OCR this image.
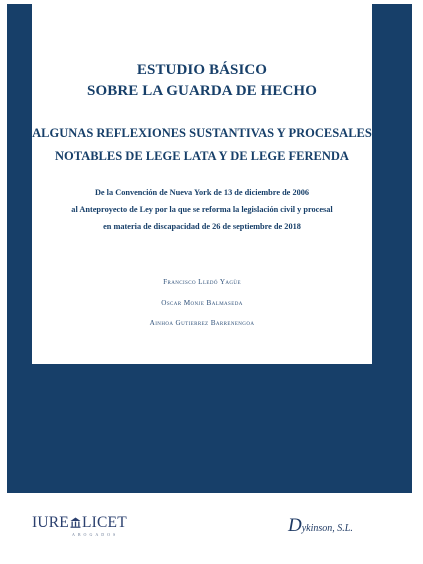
ESTUDIO BÁSICO
SOBRE LA GUARDA DE HECHO
ALGUNAS REFLEXIONES SUSTANTIVAS Y PROCESALES
NOTABLES DE LEGE LATA Y DE LEGE FERENDA
De la Convención de Nueva York de 13 de diciembre de 2006
al Anteproyecto de Ley por la que se reforma la legislación civil y procesal
en materia de discapacidad de 26 de septiembre de 2018
Francisco Lledó Yagüe
Oscar Monje Balmaseda
Ainhoa Gutierrez Barrenengoa
IURE LICET
ABOGADOS	Dykinson, S.L.
